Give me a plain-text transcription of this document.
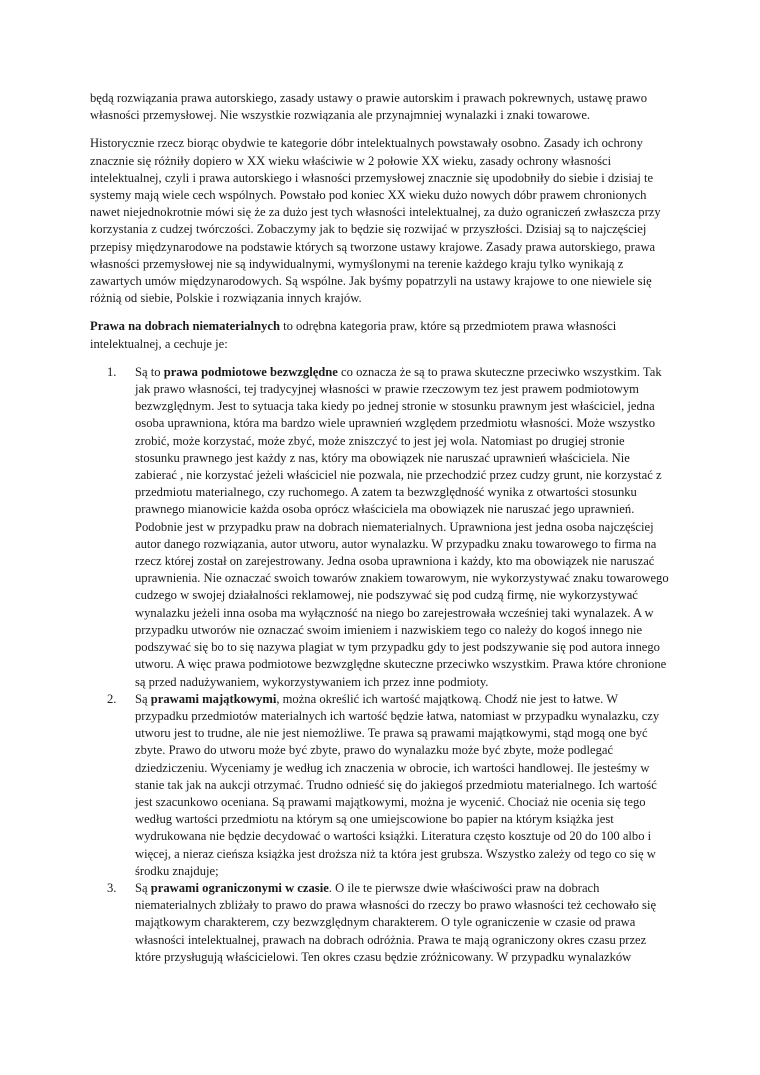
będą rozwiązania prawa autorskiego, zasady ustawy o prawie autorskim i prawach pokrewnych, ustawę prawo własności przemysłowej. Nie wszystkie rozwiązania ale przynajmniej wynalazki i znaki towarowe.

Historycznie rzecz biorąc obydwie te kategorie dóbr intelektualnych powstawały osobno. Zasady ich ochrony znacznie się różniły dopiero w XX wieku właściwie w 2 połowie XX wieku, zasady ochrony własności intelektualnej, czyli i prawa autorskiego i własności przemysłowej znacznie się upodobniły do siebie i dzisiaj te systemy mają wiele cech wspólnych. Powstało pod koniec XX wieku dużo nowych dóbr prawem chronionych nawet niejednokrotnie mówi się że za dużo jest tych własności intelektualnej, za dużo ograniczeń zwłaszcza przy korzystania z cudzej twórczości. Zobaczymy jak to będzie się rozwijać w przyszłości. Dzisiaj są to najczęściej przepisy międzynarodowe na podstawie których są tworzone ustawy krajowe. Zasady prawa autorskiego, prawa własności przemysłowej nie są indywidualnymi, wymyślonymi na terenie każdego kraju tylko wynikają z zawartych umów międzynarodowych. Są wspólne. Jak byśmy popatrzyli na ustawy krajowe to one niewiele się różnią od siebie, Polskie i rozwiązania innych krajów.

Prawa na dobrach niematerialnych to odrębna kategoria praw, które są przedmiotem prawa własności intelektualnej, a cechuje je:

1. Są to prawa podmiotowe bezwzględne co oznacza że są to prawa skuteczne przeciwko wszystkim. Tak jak prawo własności, tej tradycyjnej własności w prawie rzeczowym tez jest prawem podmiotowym bezwzględnym. Jest to sytuacja taka kiedy po jednej stronie w stosunku prawnym jest właściciel, jedna osoba uprawniona, która ma bardzo wiele uprawnień względem przedmiotu własności. Może wszystko zrobić, może korzystać, może zbyć, może zniszczyć to jest jej wola. Natomiast po drugiej stronie stosunku prawnego jest każdy z nas, który ma obowiązek nie naruszać uprawnień właściciela. Nie zabierać , nie korzystać jeżeli właściciel nie pozwala, nie przechodzić przez cudzy grunt, nie korzystać z przedmiotu materialnego, czy ruchomego. A zatem ta bezwzględność wynika z otwartości stosunku prawnego mianowicie każda osoba oprócz właściciela ma obowiązek nie naruszać jego uprawnień. Podobnie jest w przypadku praw na dobrach niematerialnych. Uprawniona jest jedna osoba najczęściej autor danego rozwiązania, autor utworu, autor wynalazku. W przypadku znaku towarowego to firma na rzecz której został on zarejestrowany. Jedna osoba uprawniona i każdy, kto ma obowiązek nie naruszać uprawnienia. Nie oznaczać swoich towarów znakiem towarowym, nie wykorzystywać znaku towarowego cudzego w swojej działalności reklamowej, nie podszywać się pod cudzą firmę, nie wykorzystywać wynalazku jeżeli inna osoba ma wyłączność na niego bo zarejestrowała wcześniej taki wynalazek. A w przypadku utworów nie oznaczać swoim imieniem i nazwiskiem tego co należy do kogoś innego nie podszywać się bo to się nazywa plagiat w tym przypadku gdy to jest podszywanie się pod autora innego utworu. A więc prawa podmiotowe bezwzględne skuteczne przeciwko wszystkim. Prawa które chronione są przed nadużywaniem, wykorzystywaniem ich przez inne podmioty.
2. Są prawami majątkowymi, można określić ich wartość majątkową. Chodź nie jest to łatwe. W przypadku przedmiotów materialnych ich wartość będzie łatwa, natomiast w przypadku wynalazku, czy utworu jest to trudne, ale nie jest niemożliwe. Te prawa są prawami majątkowymi, stąd mogą one być zbyte. Prawo do utworu może być zbyte, prawo do wynalazku może być zbyte, może podlegać dziedziczeniu. Wyceniamy je według ich znaczenia w obrocie, ich wartości handlowej. Ile jesteśmy w stanie tak jak na aukcji otrzymać. Trudno odnieść się do jakiegoś przedmiotu materialnego. Ich wartość jest szacunkowo oceniana. Są prawami majątkowymi, można je wycenić. Chociaż nie ocenia się tego według wartości przedmiotu na którym są one umiejscowione bo papier na którym książka jest wydrukowana nie będzie decydować o wartości książki. Literatura często kosztuje od 20 do 100 albo i więcej, a nieraz cieńsza książka jest droższa niż ta która jest grubsza. Wszystko zależy od tego co się w środku znajduje;
3. Są prawami ograniczonymi w czasie. O ile te pierwsze dwie właściwości praw na dobrach niematerialnych zbliżały to prawo do prawa własności do rzeczy bo prawo własności też cechowało się majątkowym charakterem, czy bezwzględnym charakterem. O tyle ograniczenie w czasie od prawa własności intelektualnej, prawach na dobrach odróżnia. Prawa te mają ograniczony okres czasu przez które przysługują właścicielowi. Ten okres czasu będzie zróżnicowany. W przypadku wynalazków
